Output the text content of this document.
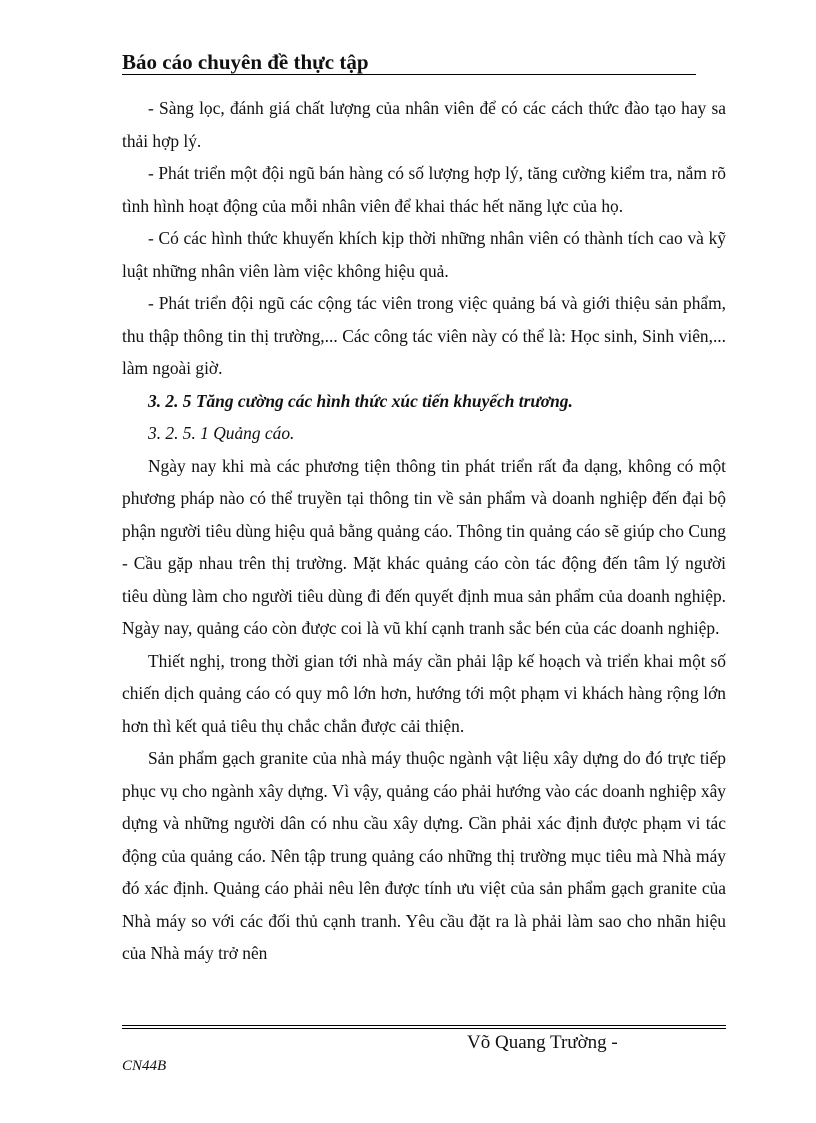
Báo cáo chuyên đề thực tập

- Sàng lọc, đánh giá chất lượng của nhân viên để có các cách thức đào tạo hay sa thải hợp lý.

- Phát triển một đội ngũ bán hàng có số lượng hợp lý, tăng cường kiểm tra, nắm rõ tình hình hoạt động của mỗi nhân viên để khai thác hết năng lực của họ.

- Có các hình thức khuyến khích kịp thời những nhân viên có thành tích cao và kỹ luật những nhân viên làm việc không hiệu quả.

- Phát triển đội ngũ các cộng tác viên trong việc quảng bá và giới thiệu sản phẩm, thu thập thông tin thị trường,... Các công tác viên này có thể là: Học sinh, Sinh viên,... làm ngoài giờ.

3. 2. 5 Tăng cường các hình thức xúc tiến khuyếch trương.

3. 2. 5. 1 Quảng cáo.

Ngày nay khi mà các phương tiện thông tin phát triển rất đa dạng, không có một phương pháp nào có thể truyền tại thông tin về sản phẩm và doanh nghiệp đến đại bộ phận người tiêu dùng hiệu quả bằng quảng cáo. Thông tin quảng cáo sẽ giúp cho Cung - Cầu gặp nhau trên thị trường. Mặt khác quảng cáo còn tác động đến tâm lý người tiêu dùng làm cho người tiêu dùng đi đến quyết định mua sản phẩm của doanh nghiệp. Ngày nay, quảng cáo còn được coi là vũ khí cạnh tranh sắc bén của các doanh nghiệp.

Thiết nghị, trong thời gian tới nhà máy cần phải lập kế hoạch và triển khai một số chiến dịch quảng cáo có quy mô lớn hơn, hướng tới một phạm vi khách hàng rộng lớn hơn thì kết quả tiêu thụ chắc chắn được cải thiện.

Sản phẩm gạch granite của nhà máy thuộc ngành vật liệu xây dựng do đó trực tiếp phục vụ cho ngành xây dựng. Vì vậy, quảng cáo phải hướng vào các doanh nghiệp xây dựng và những người dân có nhu cầu xây dựng. Cần phải xác định được phạm vi tác động của quảng cáo. Nên tập trung quảng cáo những thị trường mục tiêu mà Nhà máy đó xác định. Quảng cáo phải nêu lên được tính ưu việt của sản phẩm gạch granite của Nhà máy so với các đối thủ cạnh tranh. Yêu cầu đặt ra là phải làm sao cho nhãn hiệu của Nhà máy trở nên

Võ Quang Trường -
CN44B
